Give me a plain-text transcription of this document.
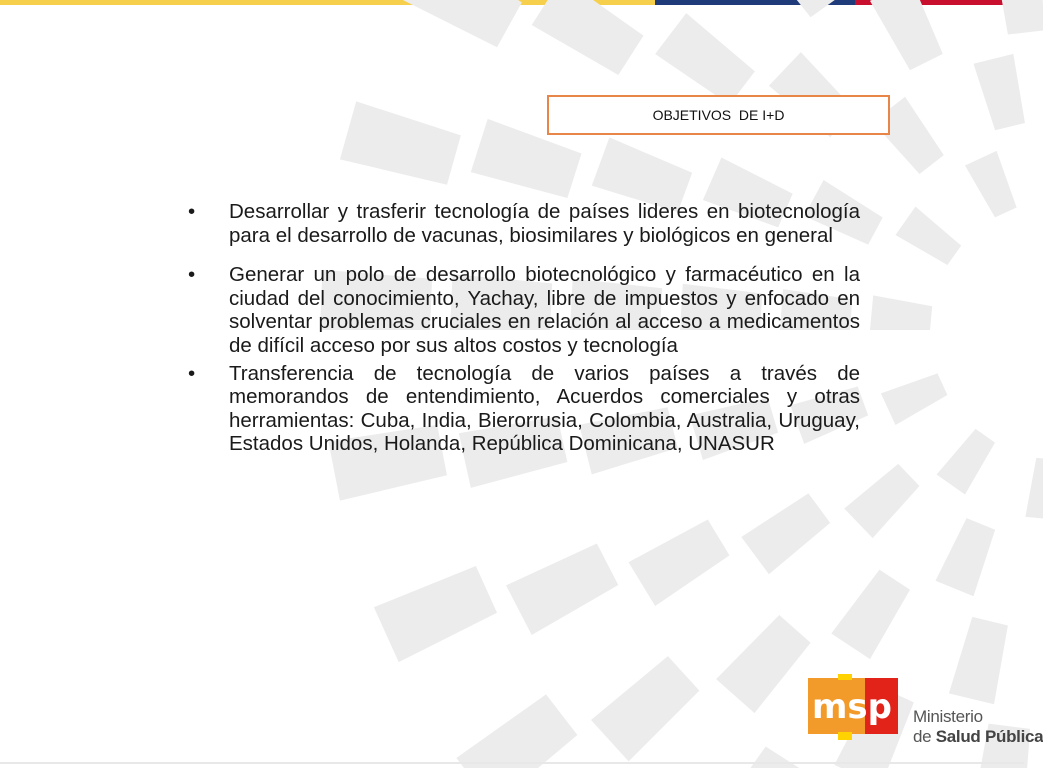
OBJETIVOS  DE I+D
• Desarrollar y trasferir tecnología de países lideres en biotecnología para el desarrollo de vacunas, biosimilares y biológicos en general
• Generar un polo de desarrollo biotecnológico y farmacéutico en la ciudad del conocimiento, Yachay, libre de impuestos y enfocado en solventar problemas cruciales en relación al acceso a medicamentos de difícil acceso por sus altos costos y tecnología
• Transferencia de tecnología de varios países a través de memorandos de entendimiento, Acuerdos comerciales y otras herramientas: Cuba, India, Bierorrusia, Colombia, Australia, Uruguay, Estados Unidos, Holanda, República Dominicana, UNASUR
msp Ministerio
de Salud Pública
